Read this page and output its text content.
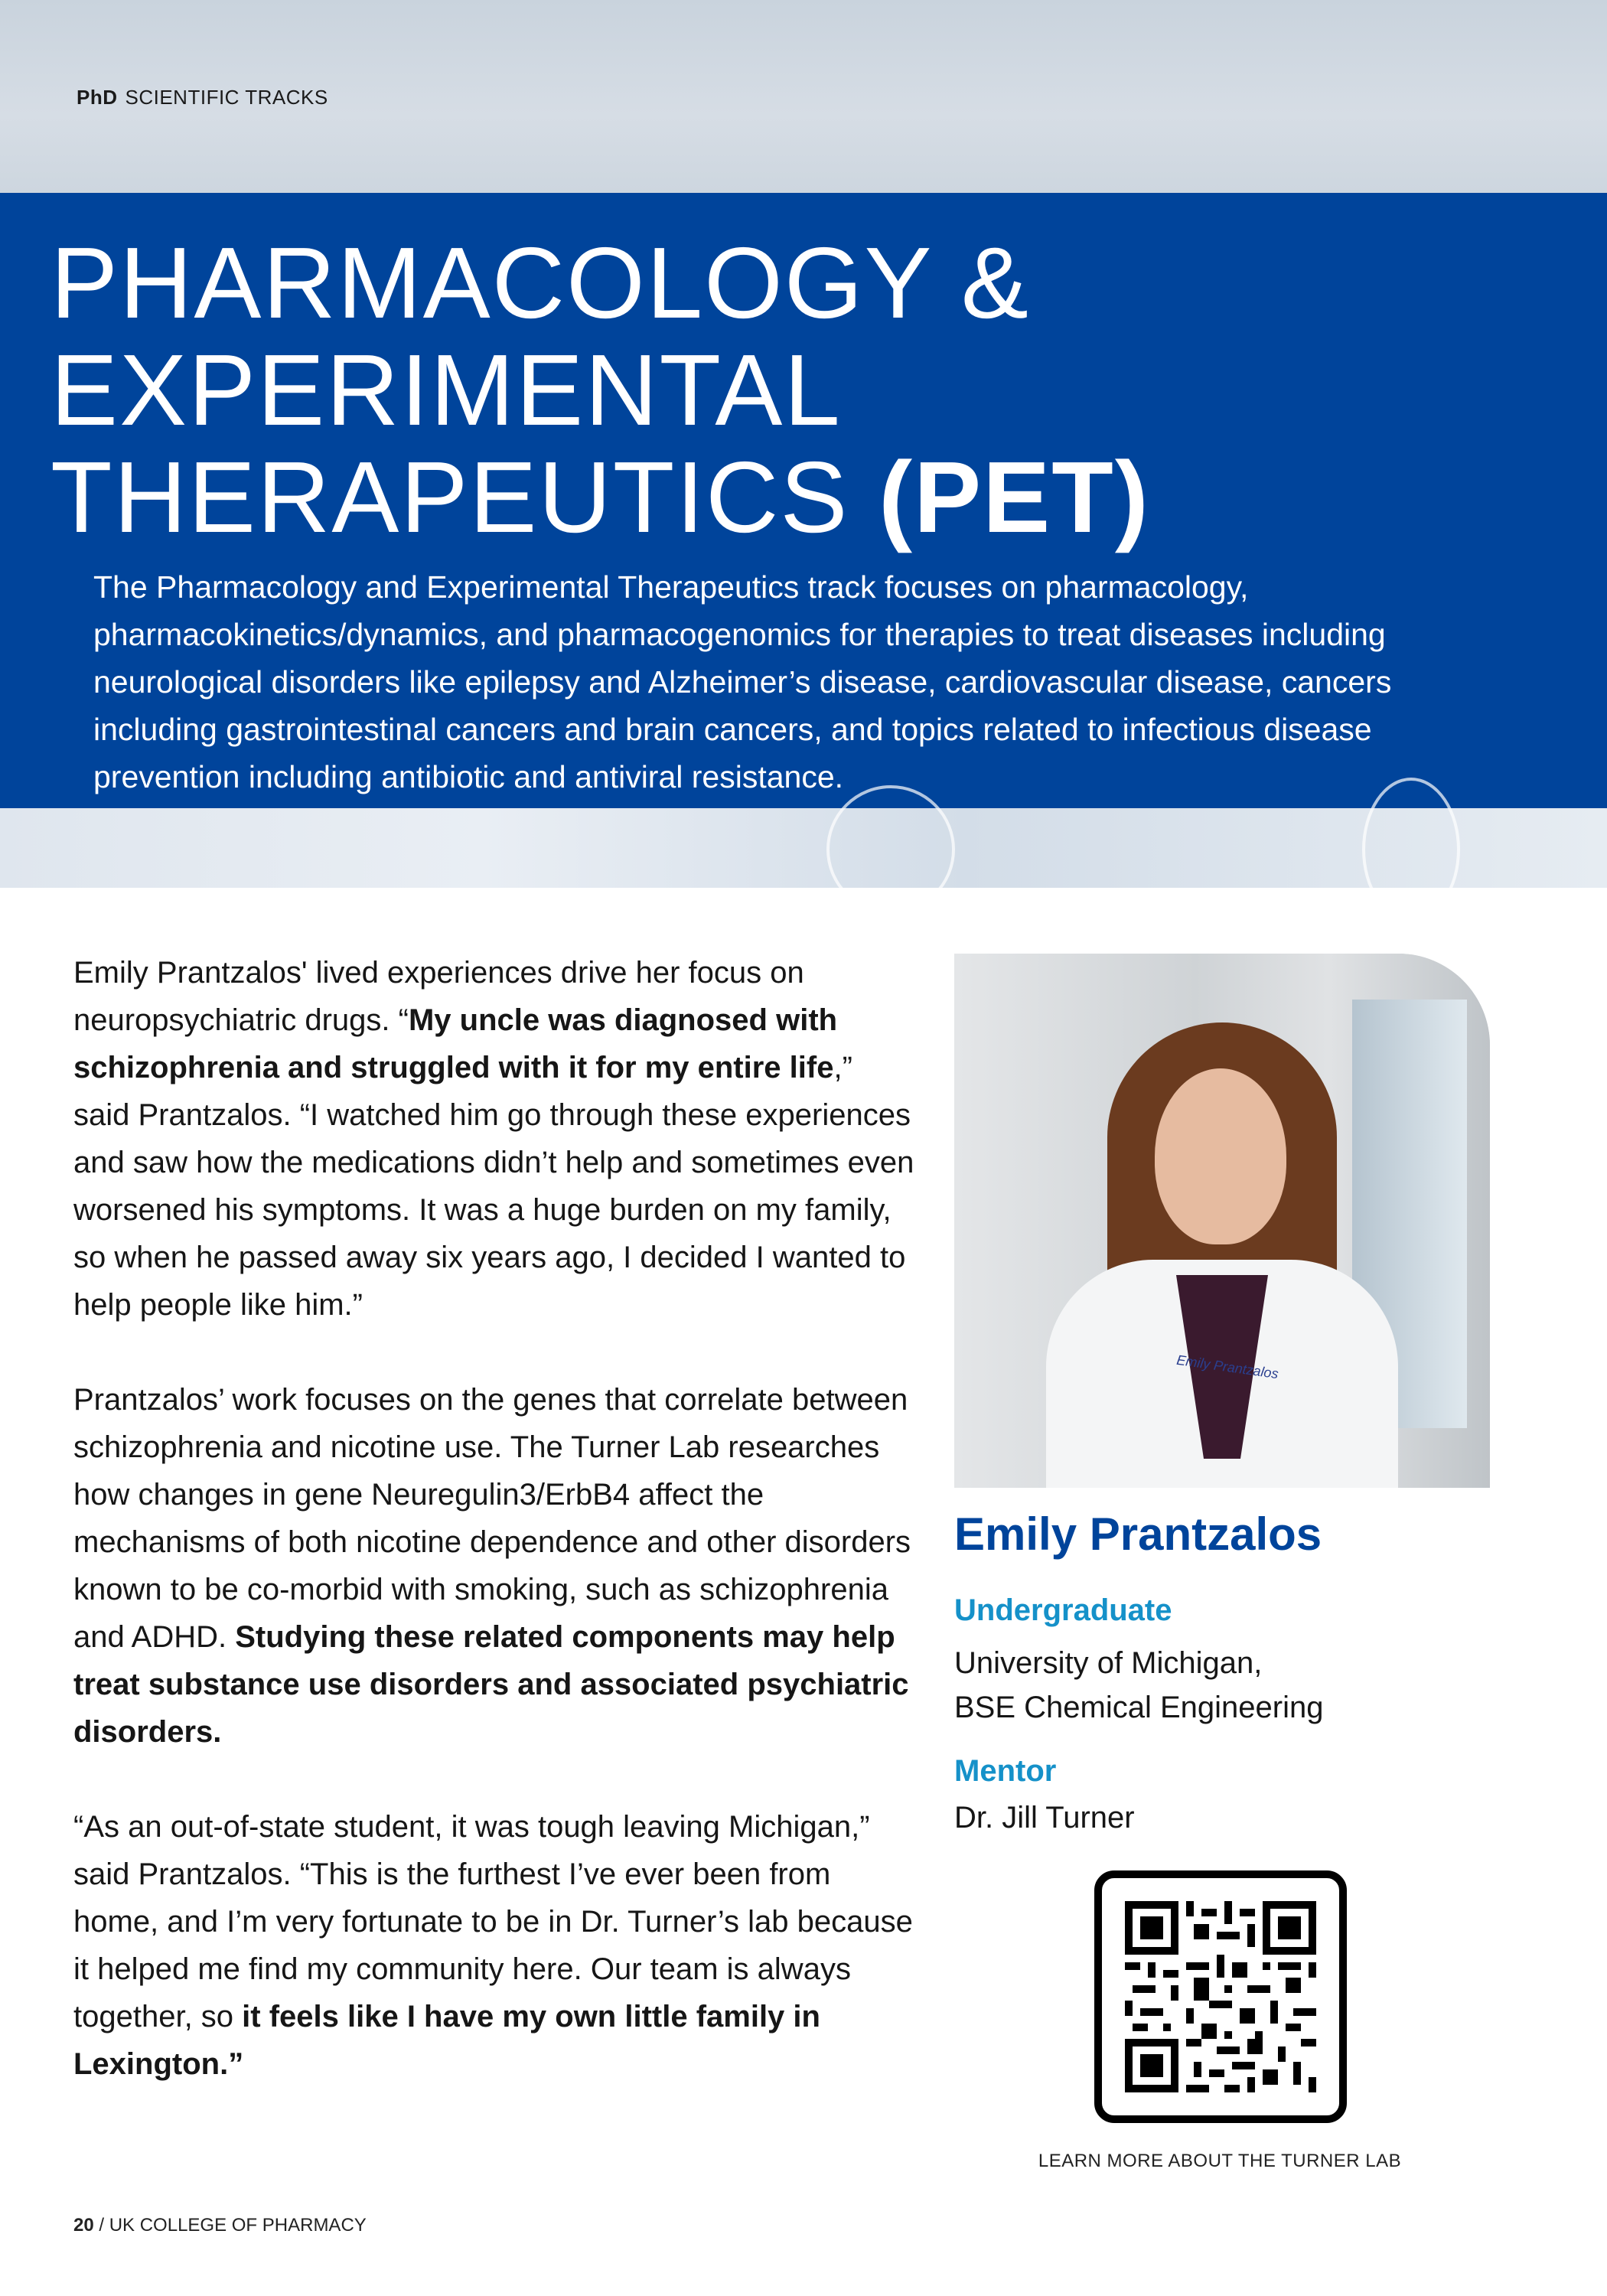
PhD SCIENTIFIC TRACKS
PHARMACOLOGY &
EXPERIMENTAL
THERAPEUTICS (PET)

The Pharmacology and Experimental Therapeutics track focuses on pharmacology, pharmacokinetics/dynamics, and pharmacogenomics for therapies to treat diseases including neurological disorders like epilepsy and Alzheimer’s disease, cardiovascular disease, cancers including gastrointestinal cancers and brain cancers, and topics related to infectious disease prevention including antibiotic and antiviral resistance.

Emily Prantzalos' lived experiences drive her focus on neuropsychiatric drugs. “My uncle was diagnosed with schizophrenia and struggled with it for my entire life,” said Prantzalos. “I watched him go through these experiences and saw how the medications didn’t help and sometimes even worsened his symptoms. It was a huge burden on my family, so when he passed away six years ago, I decided I wanted to help people like him.”

Prantzalos’ work focuses on the genes that correlate between schizophrenia and nicotine use. The Turner Lab researches how changes in gene Neuregulin3/ErbB4 affect the mechanisms of both nicotine dependence and other disorders known to be co-morbid with smoking, such as schizophrenia and ADHD. Studying these related components may help treat substance use disorders and associated psychiatric disorders.

“As an out-of-state student, it was tough leaving Michigan,” said Prantzalos. “This is the furthest I’ve ever been from home, and I’m very fortunate to be in Dr. Turner’s lab because it helped me find my community here. Our team is always together, so it feels like I have my own little family in Lexington.”

Emily Prantzalos
Emily Prantzalos

Undergraduate

University of Michigan,

BSE Chemical Engineering

Mentor

Dr. Jill Turner

LEARN MORE ABOUT THE TURNER LAB
20 / UK COLLEGE OF PHARMACY
